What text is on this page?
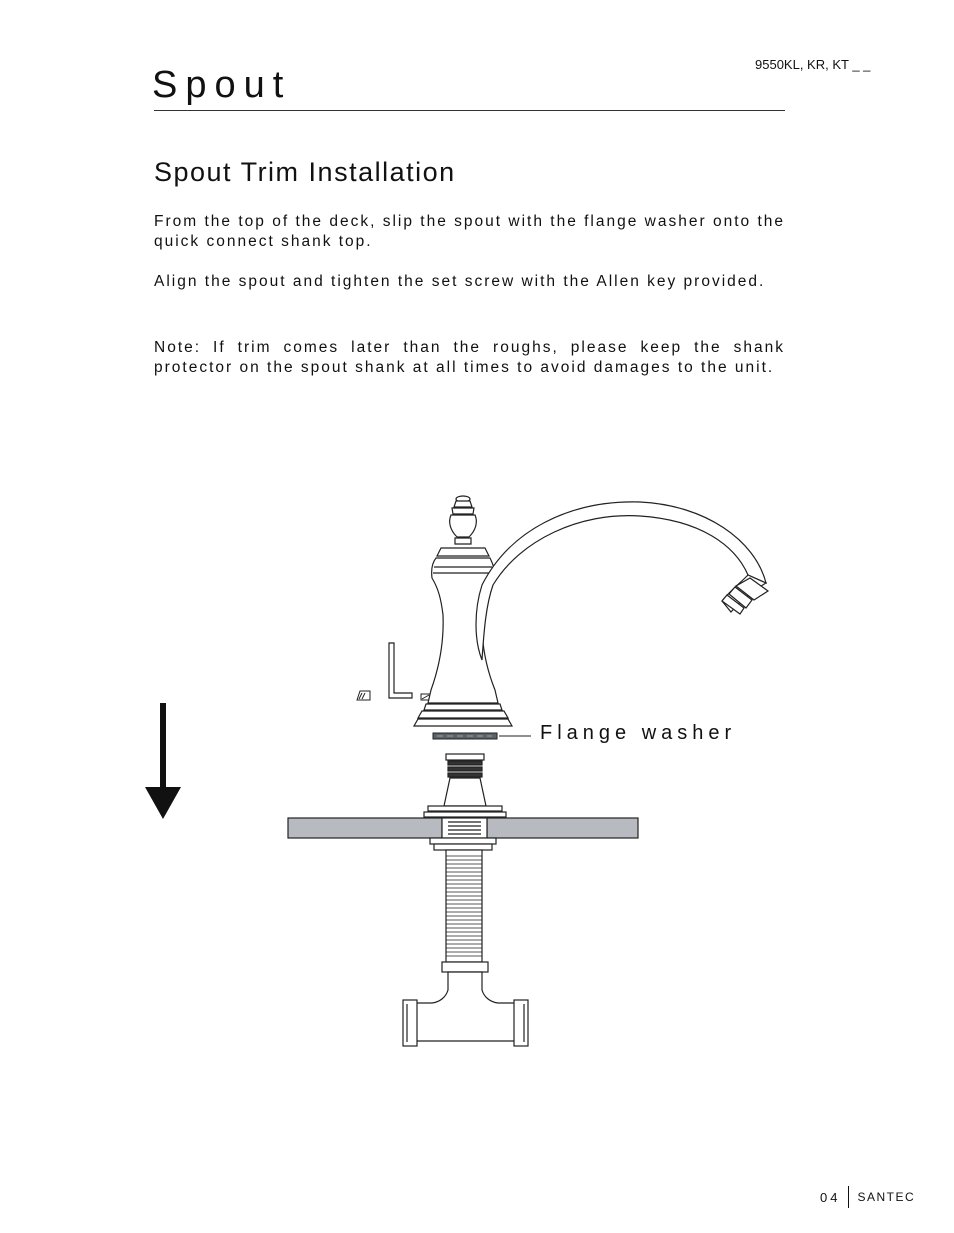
9550KL, KR, KT _ _
Spout
Spout Trim Installation

From the top of the deck, slip the spout with the flange washer onto the quick connect shank top.

Align the spout and tighten the set screw with the Allen key provided.

Note: If trim comes later than the roughs, please keep the shank protector on the spout shank at all times to avoid damages to the unit.

Flange washer
04	SANTEC
